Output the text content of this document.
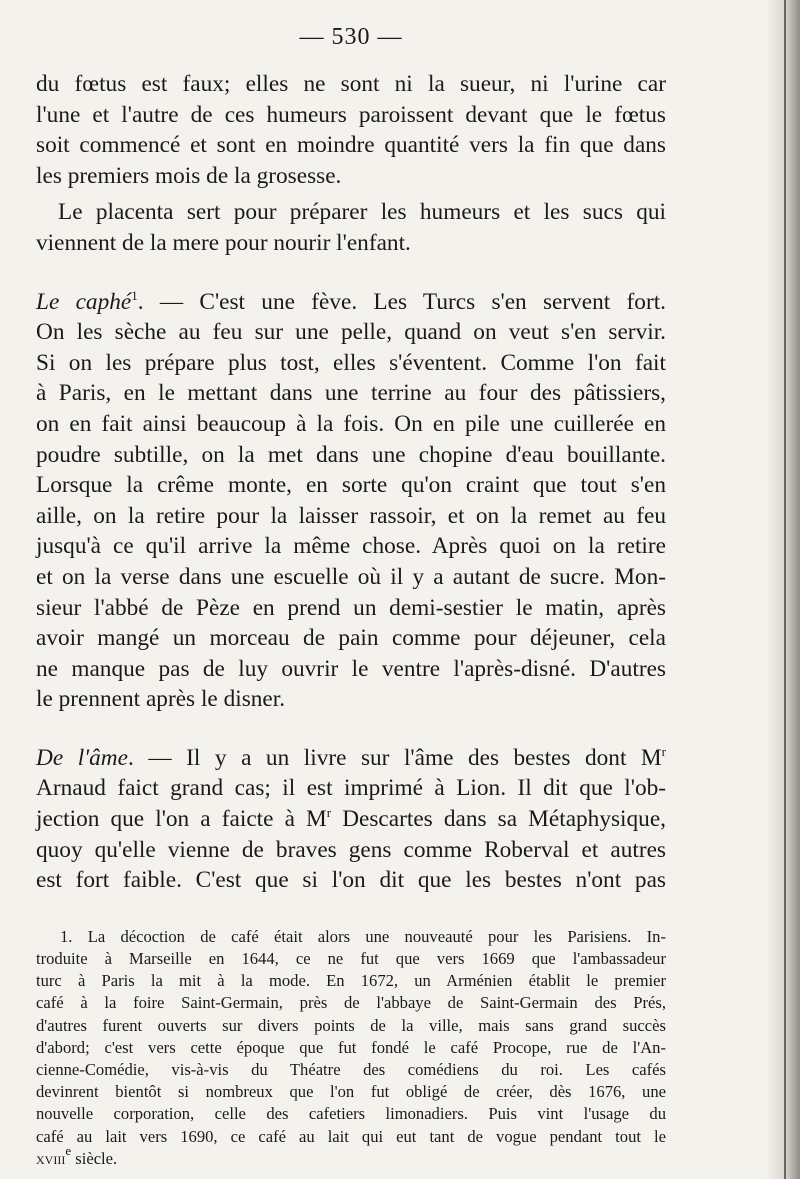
— 530 —

du fœtus est faux; elles ne sont ni la sueur, ni l'urine car
l'une et l'autre de ces humeurs paroissent devant que le fœtus
soit commencé et sont en moindre quantité vers la fin que dans
les premiers mois de la grosesse.

Le placenta sert pour préparer les humeurs et les sucs qui
viennent de la mere pour nourir l'enfant.

Le caphé$^1$. — C'est une fève. Les Turcs s'en servent fort.
On les sèche au feu sur une pelle, quand on veut s'en servir.
Si on les prépare plus tost, elles s'éventent. Comme l'on fait
à Paris, en le mettant dans une terrine au four des pâtissiers,
on en fait ainsi beaucoup à la fois. On en pile une cuillerée en
poudre subtille, on la met dans une chopine d'eau bouillante.
Lorsque la crême monte, en sorte qu'on craint que tout s'en
aille, on la retire pour la laisser rassoir, et on la remet au feu
jusqu'à ce qu'il arrive la même chose. Après quoi on la retire
et on la verse dans une escuelle où il y a autant de sucre. Mon-
sieur l'abbé de Pèze en prend un demi-sestier le matin, après
avoir mangé un morceau de pain comme pour déjeuner, cela
ne manque pas de luy ouvrir le ventre l'après-disné. D'autres
le prennent après le disner.

De l'âme. — Il y a un livre sur l'âme des bestes dont $M^r$
Arnaud faict grand cas; il est imprimé à Lion. Il dit que l'ob-
jection que l'on a faicte à $M^r$ Descartes dans sa Métaphysique,
quoy qu'elle vienne de braves gens comme Roberval et autres
est fort faible. C'est que si l'on dit que les bestes n'ont pas

1. La décoction de café était alors une nouveauté pour les Parisiens. In-
troduite à Marseille en 1644, ce ne fut que vers 1669 que l'ambassadeur
turc à Paris la mit à la mode. En 1672, un Arménien établit le premier
café à la foire Saint-Germain, près de l'abbaye de Saint-Germain des Prés,
d'autres furent ouverts sur divers points de la ville, mais sans grand succès
d'abord; c'est vers cette époque que fut fondé le café Procope, rue de l'An-
cienne-Comédie, vis-à-vis du Théatre des comédiens du roi. Les cafés
devinrent bientôt si nombreux que l'on fut obligé de créer, dès 1676, une
nouvelle corporation, celle des cafetiers limonadiers. Puis vint l'usage du
café au lait vers 1690, ce café au lait qui eut tant de vogue pendant tout le
xviii$^e$ siècle.
